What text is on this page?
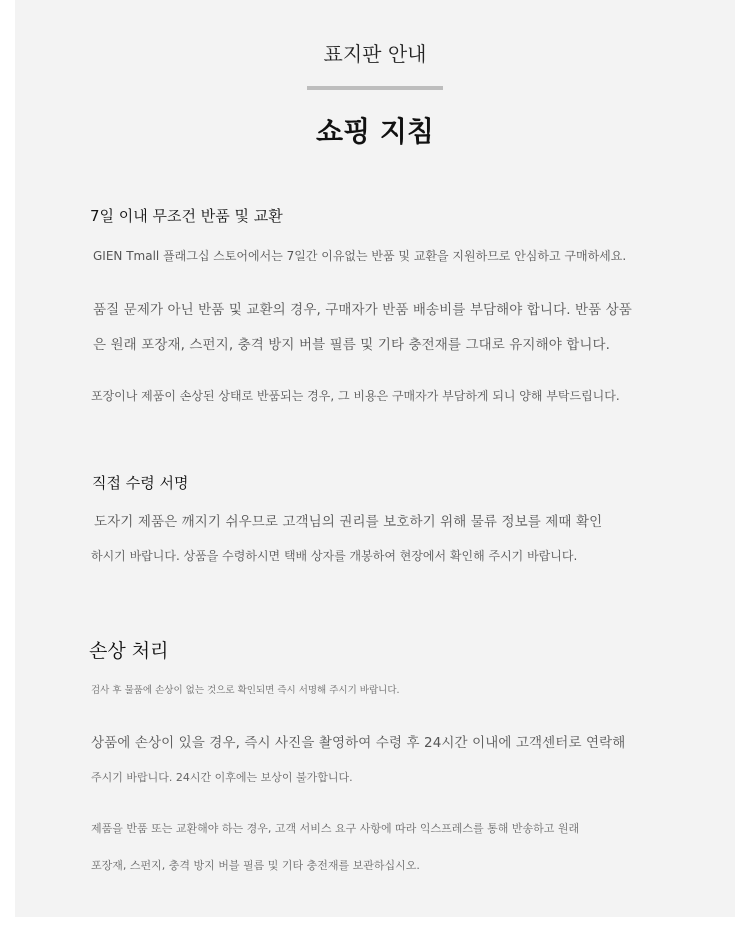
표지판 안내

쇼핑 지침

7일 이내 무조건 반품 및 교환

GIEN Tmall 플래그십 스토어에서는 7일간 이유없는 반품 및 교환을 지원하므로 안심하고 구매하세요.

품질 문제가 아닌 반품 및 교환의 경우, 구매자가 반품 배송비를 부담해야 합니다. 반품 상품

은 원래 포장재, 스펀지, 충격 방지 버블 필름 및 기타 충전재를 그대로 유지해야 합니다.

포장이나 제품이 손상된 상태로 반품되는 경우, 그 비용은 구매자가 부담하게 되니 양해 부탁드립니다.

직접 수령 서명

도자기 제품은 깨지기 쉬우므로 고객님의 권리를 보호하기 위해 물류 정보를 제때 확인

하시기 바랍니다. 상품을 수령하시면 택배 상자를 개봉하여 현장에서 확인해 주시기 바랍니다.

손상 처리

검사 후 물품에 손상이 없는 것으로 확인되면 즉시 서명해 주시기 바랍니다.

상품에 손상이 있을 경우, 즉시 사진을 촬영하여 수령 후 24시간 이내에 고객센터로 연락해

주시기 바랍니다. 24시간 이후에는 보상이 불가합니다.

제품을 반품 또는 교환해야 하는 경우, 고객 서비스 요구 사항에 따라 익스프레스를 통해 반송하고 원래

포장재, 스펀지, 충격 방지 버블 필름 및 기타 충전재를 보관하십시오.
